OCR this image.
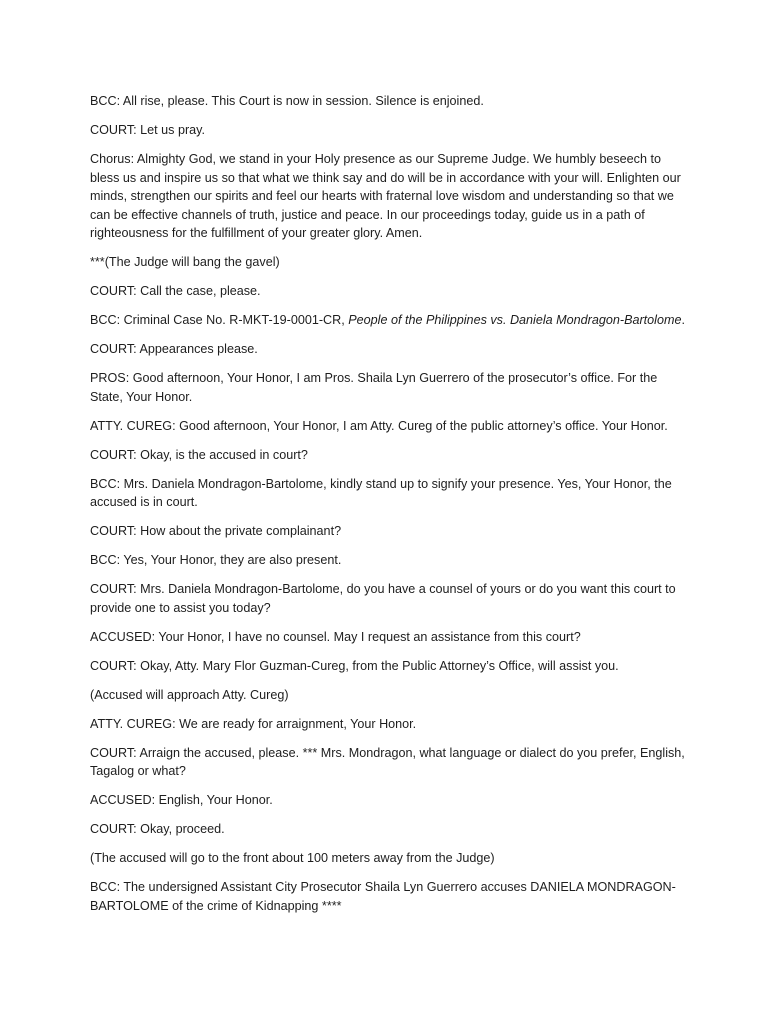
BCC: All rise, please. This Court is now in session. Silence is enjoined.

COURT: Let us pray.

Chorus: Almighty God, we stand in your Holy presence as our Supreme Judge. We humbly beseech to bless us and inspire us so that what we think say and do will be in accordance with your will. Enlighten our minds, strengthen our spirits and feel our hearts with fraternal love wisdom and understanding so that we can be effective channels of truth, justice and peace. In our proceedings today, guide us in a path of righteousness for the fulfillment of your greater glory. Amen.

***(The Judge will bang the gavel)

COURT: Call the case, please.

BCC: Criminal Case No. R-MKT-19-0001-CR, People of the Philippines vs. Daniela Mondragon-Bartolome.

COURT: Appearances please.

PROS: Good afternoon, Your Honor, I am Pros. Shaila Lyn Guerrero of the prosecutor’s office. For the State, Your Honor.

ATTY. CUREG: Good afternoon, Your Honor, I am Atty. Cureg of the public attorney’s office. Your Honor.

COURT: Okay, is the accused in court?

BCC: Mrs. Daniela Mondragon-Bartolome, kindly stand up to signify your presence. Yes, Your Honor, the accused is in court.

COURT: How about the private complainant?

BCC: Yes, Your Honor, they are also present.

COURT: Mrs. Daniela Mondragon-Bartolome, do you have a counsel of yours or do you want this court to provide one to assist you today?

ACCUSED: Your Honor, I have no counsel. May I request an assistance from this court?

COURT: Okay, Atty. Mary Flor Guzman-Cureg, from the Public Attorney’s Office, will assist you.

(Accused will approach Atty. Cureg)

ATTY. CUREG: We are ready for arraignment, Your Honor.

COURT: Arraign the accused, please. *** Mrs. Mondragon, what language or dialect do you prefer, English, Tagalog or what?

ACCUSED: English, Your Honor.

COURT: Okay, proceed.

(The accused will go to the front about 100 meters away from the Judge)

BCC: The undersigned Assistant City Prosecutor Shaila Lyn Guerrero accuses DANIELA MONDRAGON-BARTOLOME of the crime of Kidnapping ****
